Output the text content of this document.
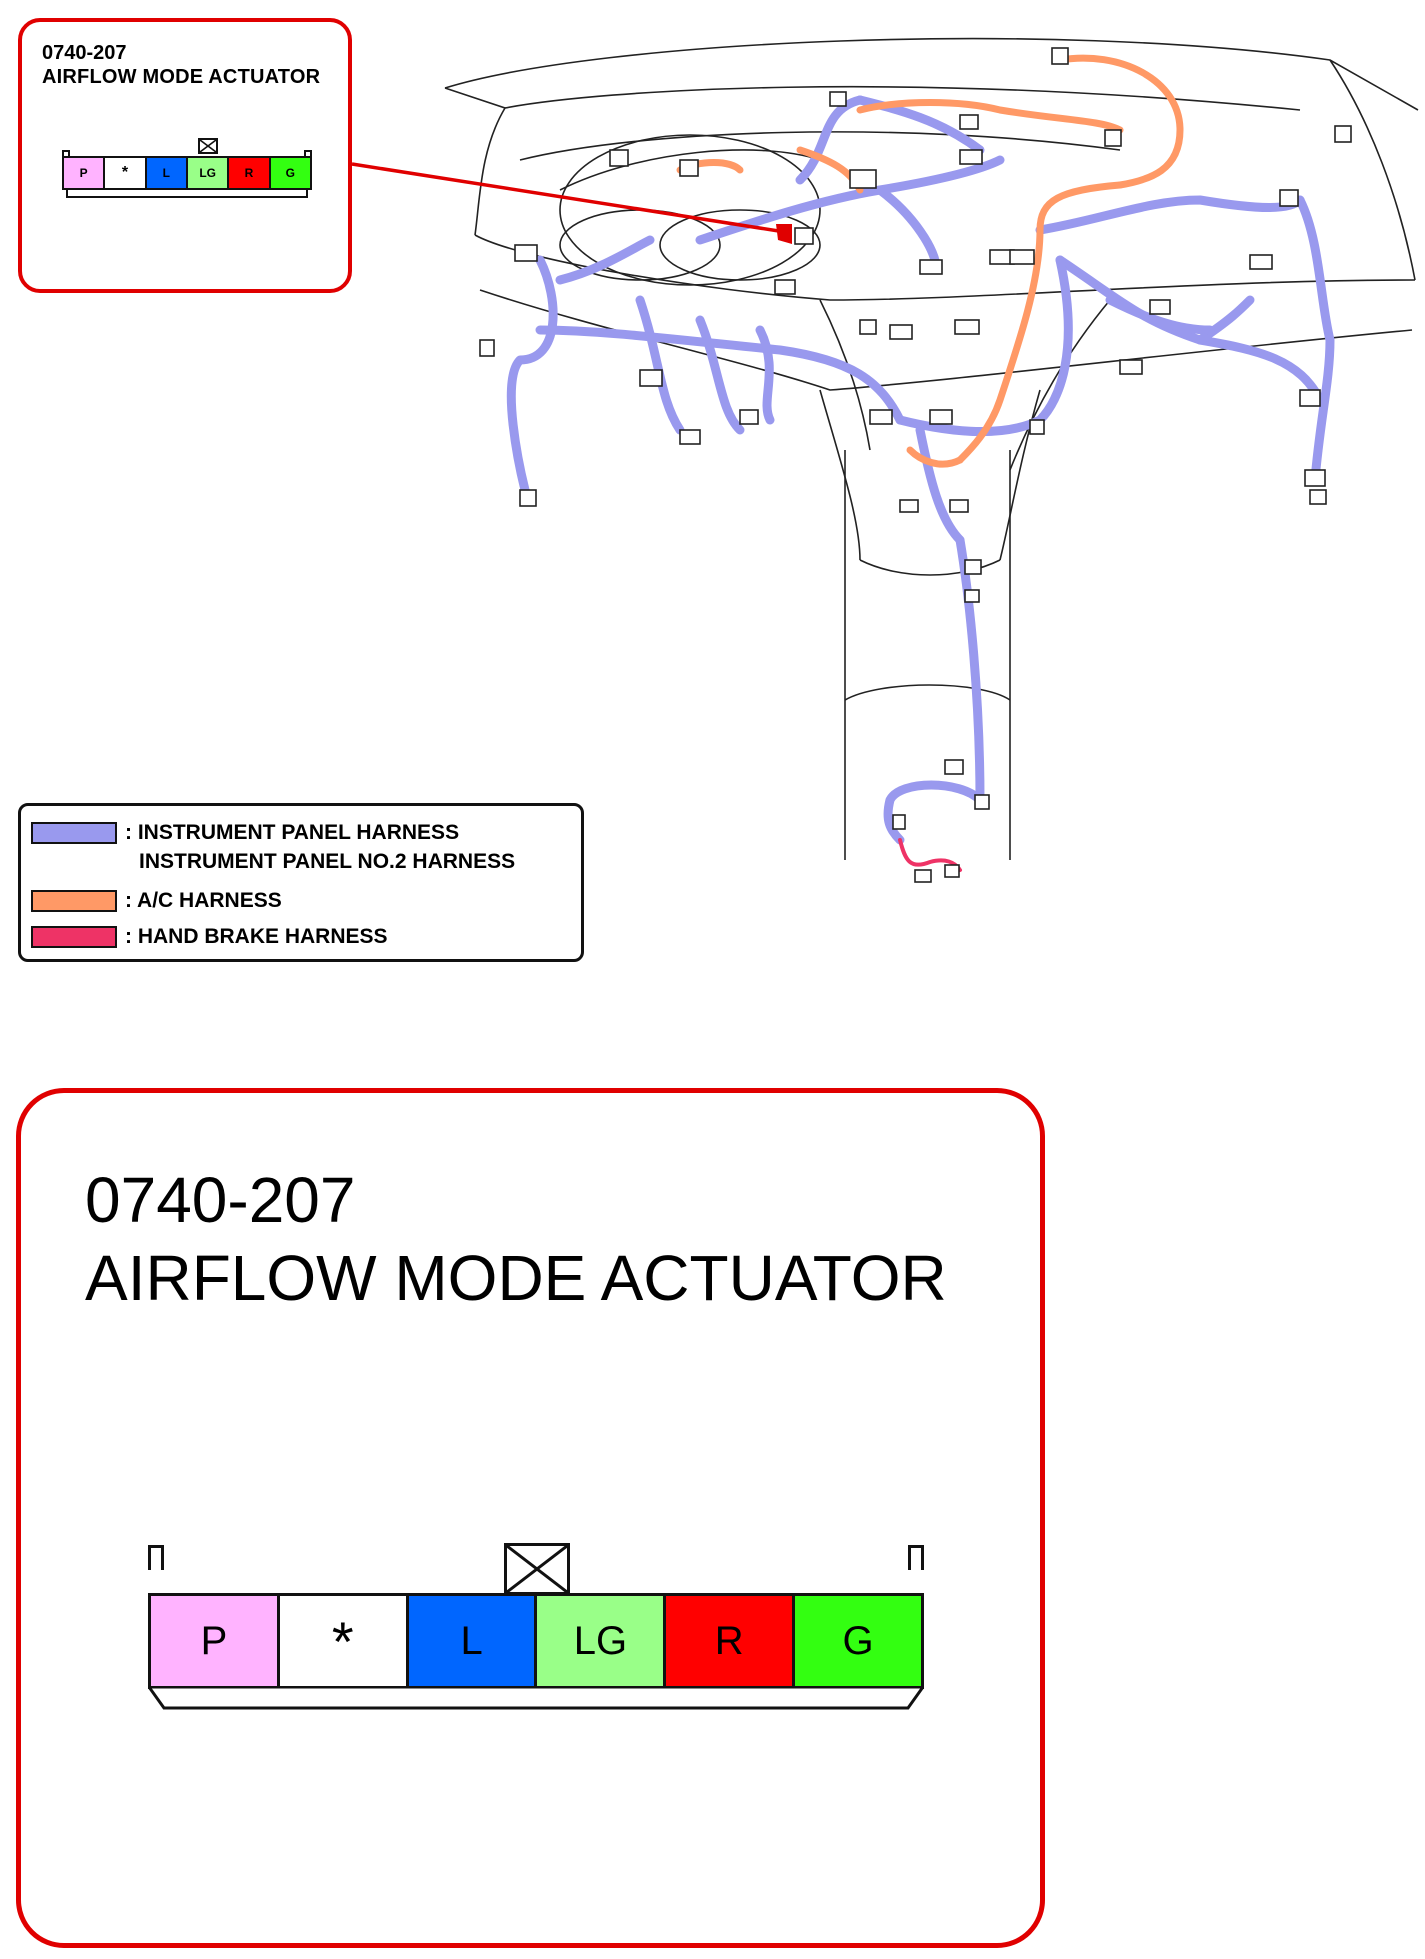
0740-207
AIRFLOW MODE ACTUATOR
P *	L LG R	G
: INSTRUMENT PANEL HARNESS
INSTRUMENT PANEL NO.2 HARNESS
: A/C HARNESS
: HAND BRAKE HARNESS
0740-207
AIRFLOW MODE ACTUATOR
P *	L LG R G
